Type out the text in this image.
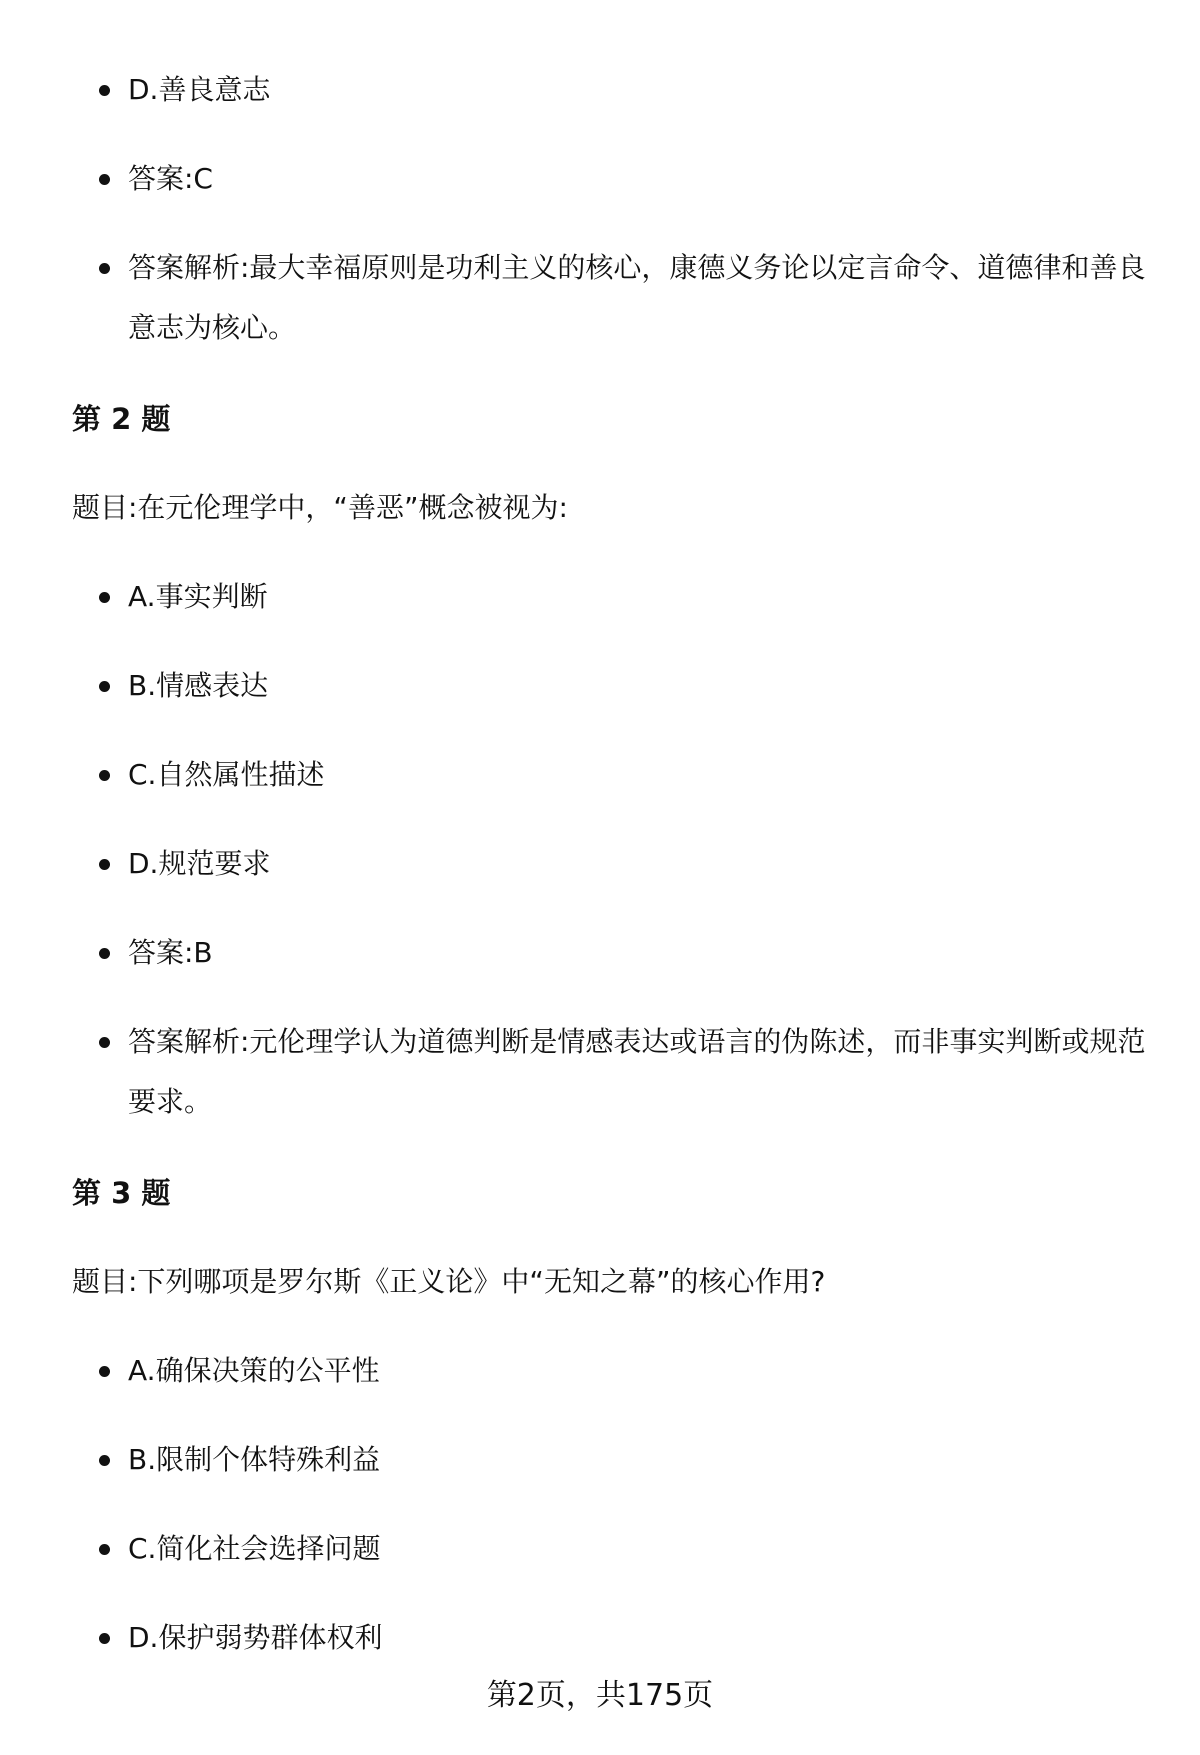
D.善良意志
答案:C
答案解析:最大幸福原则是功利主义的核心，康德义务论以定言命令、道德律和善良意志为核心。
第 2 题
题目:在元伦理学中，“善恶”概念被视为:
A.事实判断
B.情感表达
C.自然属性描述
D.规范要求
答案:B
答案解析:元伦理学认为道德判断是情感表达或语言的伪陈述，而非事实判断或规范要求。
第 3 题
题目:下列哪项是罗尔斯《正义论》中“无知之幕”的核心作用?
A.确保决策的公平性
B.限制个体特殊利益
C.简化社会选择问题
D.保护弱势群体权利
第2页，共175页
